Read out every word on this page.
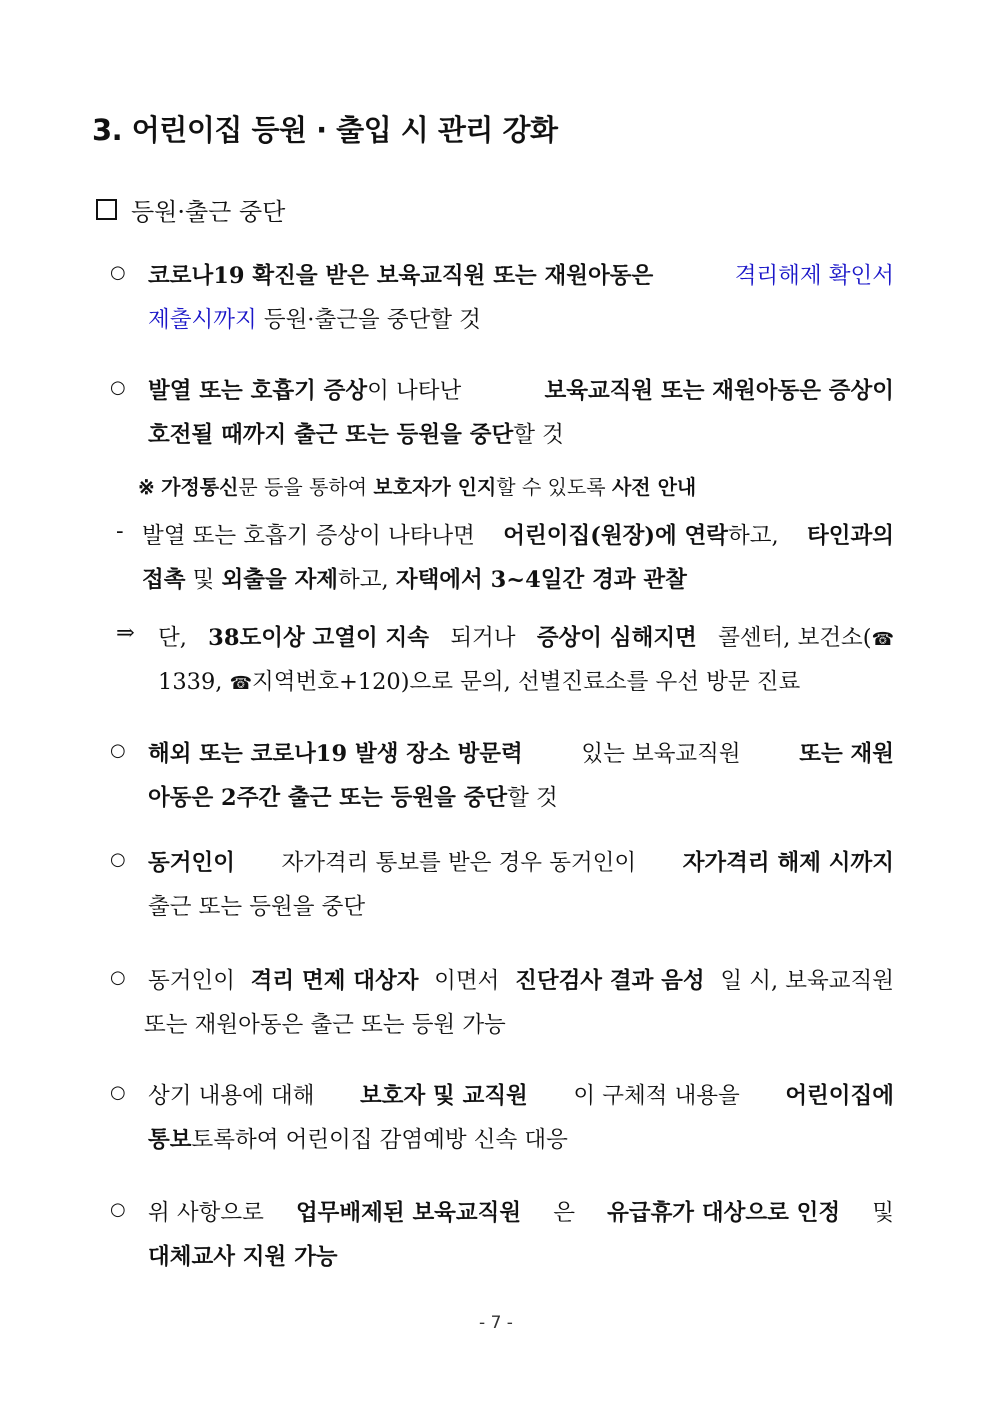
3. 어린이집 등원 · 출입 시 관리 강화
등원·출근 중단
○ 코로나19 확진을 받은 보육교직원 또는 재원아동은	격리해제 확인서
제출시까지 등원·출근을 중단할 것
○ 발열 또는 호흡기 증상이 나타난	보육교직원 또는 재원아동은 증상이
호전될 때까지 출근 또는 등원을 중단할 것
※ 가정통신문 등을 통하여 보호자가 인지할 수 있도록 사전 안내
- 발열 또는 호흡기 증상이 나타나면 어린이집(원장)에 연락하고, 타인과의
접촉 및 외출을 자제하고, 자택에서 3~4일간 경과 관찰
⇒ 단, 38도이상 고열이 지속 되거나 증상이 심해지면 콜센터, 보건소(☎
1339, ☎지역번호+120)으로 문의, 선별진료소를 우선 방문 진료
○ 해외 또는 코로나19 발생 장소 방문력	있는 보육교직원	또는 재원
아동은 2주간 출근 또는 등원을 중단할 것
○ 동거인이 자가격리 통보를 받은 경우 동거인이 자가격리 해제 시까지
출근 또는 등원을 중단
○ 동거인이 격리 면제 대상자 이면서 진단검사 결과 음성 일 시, 보육교직원
또는 재원아동은 출근 또는 등원 가능
○ 상기 내용에 대해 보호자 및 교직원 이 구체적 내용을 어린이집에
통보토록하여 어린이집 감염예방 신속 대응
○ 위 사항으로 업무배제된 보육교직원 은 유급휴가 대상으로 인정 및
대체교사 지원 가능
- 7 -
